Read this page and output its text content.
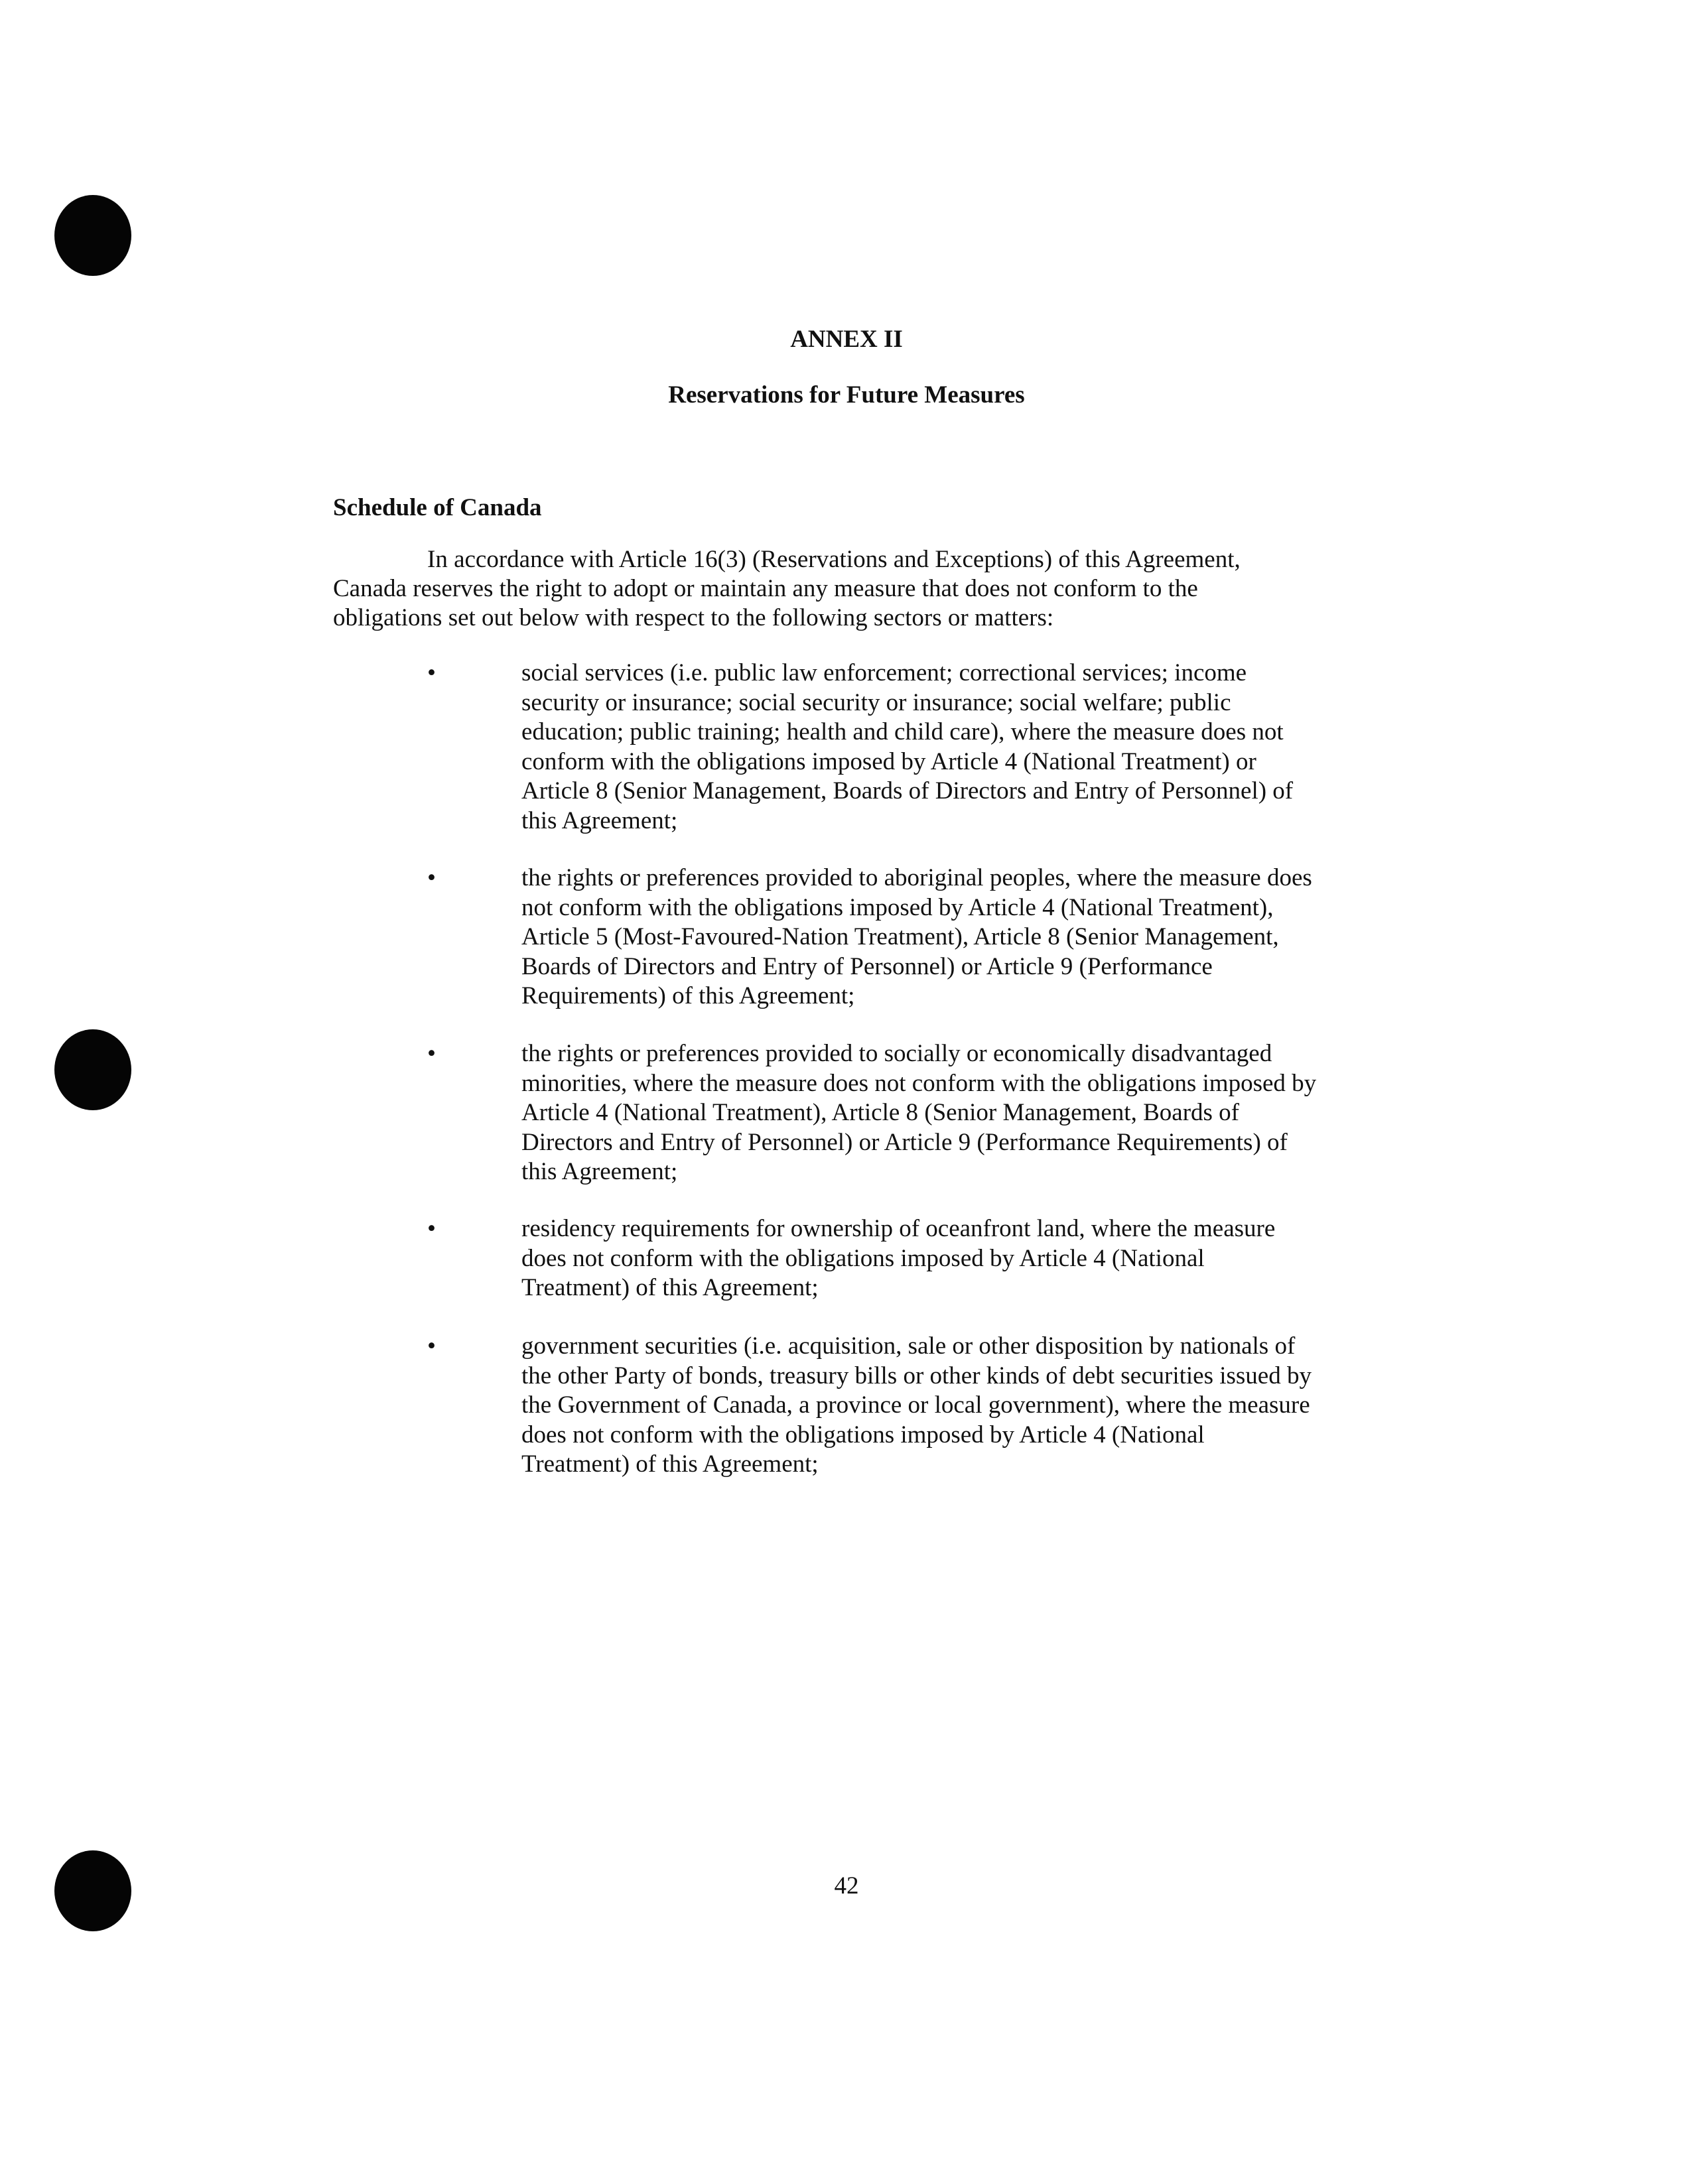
ANNEX II
Reservations for Future Measures
Schedule of Canada
In accordance with Article 16(3) (Reservations and Exceptions) of this Agreement,
Canada reserves the right to adopt or maintain any measure that does not conform to the
obligations set out below with respect to the following sectors or matters:
•	social services (i.e. public law enforcement; correctional services; income
security or insurance; social security or insurance; social welfare; public
education; public training; health and child care), where the measure does not
conform with the obligations imposed by Article 4 (National Treatment) or
Article 8 (Senior Management, Boards of Directors and Entry of Personnel) of
this Agreement;
•	the rights or preferences provided to aboriginal peoples, where the measure does
not conform with the obligations imposed by Article 4 (National Treatment),
Article 5 (Most-Favoured-Nation Treatment), Article 8 (Senior Management,
Boards of Directors and Entry of Personnel) or Article 9 (Performance
Requirements) of this Agreement;
•	the rights or preferences provided to socially or economically disadvantaged
minorities, where the measure does not conform with the obligations imposed by
Article 4 (National Treatment), Article 8 (Senior Management, Boards of
Directors and Entry of Personnel) or Article 9 (Performance Requirements) of
this Agreement;
•	residency requirements for ownership of oceanfront land, where the measure
does not conform with the obligations imposed by Article 4 (National
Treatment) of this Agreement;
•	government securities (i.e. acquisition, sale or other disposition by nationals of
the other Party of bonds, treasury bills or other kinds of debt securities issued by
the Government of Canada, a province or local government), where the measure
does not conform with the obligations imposed by Article 4 (National
Treatment) of this Agreement;
42
